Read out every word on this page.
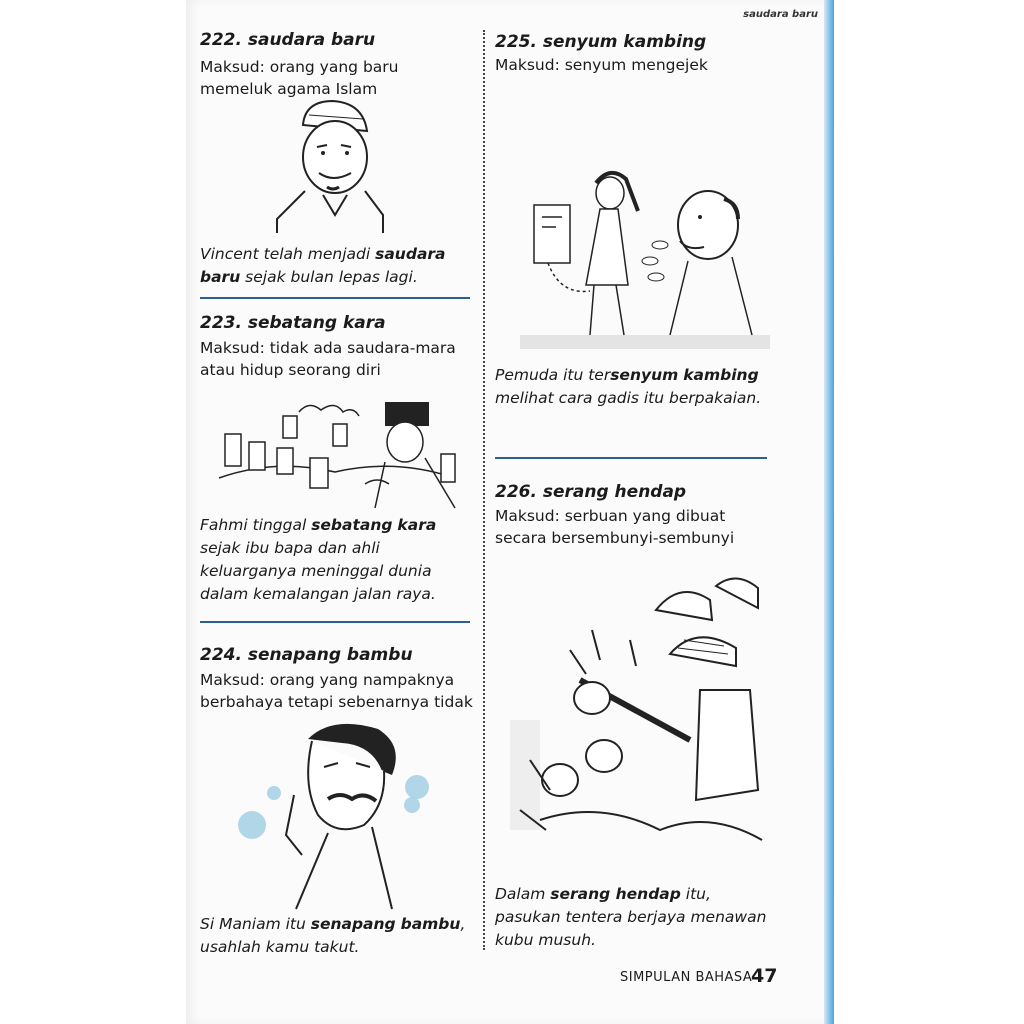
saudara baru
222. saudara baru
Maksud: orang yang baru
memeluk agama Islam
Vincent telah menjadi saudara baru sejak bulan lepas lagi.
223. sebatang kara
Maksud: tidak ada saudara-mara
atau hidup seorang diri
Fahmi tinggal sebatang kara sejak ibu bapa dan ahli keluarganya meninggal dunia dalam kemalangan jalan raya.
224. senapang bambu
Maksud: orang yang nampaknya
berbahaya tetapi sebenarnya tidak
Si Maniam itu senapang bambu, usahlah kamu takut.
225. senyum kambing
Maksud: senyum mengejek
Pemuda itu tersenyum kambing melihat cara gadis itu berpakaian.
226. serang hendap
Maksud: serbuan yang dibuat
secara bersembunyi-sembunyi
Dalam serang hendap itu, pasukan tentera berjaya menawan kubu musuh.
SIMPULAN BAHASA
47
